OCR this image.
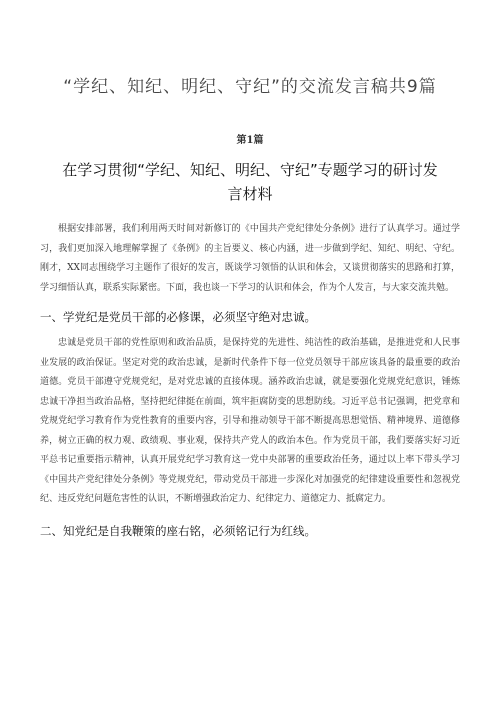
“学纪、知纪、明纪、守纪”的交流发言稿共9篇
第1篇
在学习贯彻“学纪、知纪、明纪、守纪”专题学习的研讨发言材料

根据安排部署，我们利用两天时间对新修订的《中国共产党纪律处分条例》进行了认真学习。通过学习，我们更加深入地理解掌握了《条例》的主旨要义、核心内涵，进一步做到学纪、知纪、明纪、守纪。刚才，XX同志围绕学习主题作了很好的发言，既谈学习领悟的认识和体会，又谈贯彻落实的思路和打算，学习细悟认真，联系实际紧密。下面，我也谈一下学习的认识和体会，作为个人发言，与大家交流共勉。

一、学党纪是党员干部的必修课，必须坚守绝对忠诚。

忠诚是党员干部的党性原则和政治品质，是保持党的先进性、纯洁性的政治基础，是推进党和人民事业发展的政治保证。坚定对党的政治忠诚，是新时代条件下每一位党员领导干部应该具备的最重要的政治道德。党员干部遵守党规党纪，是对党忠诚的直接体现。涵养政治忠诚，就是要强化党规党纪意识，锤炼忠诚干净担当政治品格，坚持把纪律挺在前面，筑牢拒腐防变的思想防线。习近平总书记强调，把党章和党规党纪学习教育作为党性教育的重要内容，引导和推动领导干部不断提高思想觉悟、精神境界、道德修养，树立正确的权力观、政绩观、事业观，保持共产党人的政治本色。作为党员干部，我们要落实好习近平总书记重要指示精神，认真开展党纪学习教育这一党中央部署的重要政治任务，通过以上率下带头学习《中国共产党纪律处分条例》等党规党纪，带动党员干部进一步深化对加强党的纪律建设重要性和忽视党纪、违反党纪问题危害性的认识，不断增强政治定力、纪律定力、道德定力、抵腐定力。

二、知党纪是自我鞭策的座右铭，必须铭记行为红线。
